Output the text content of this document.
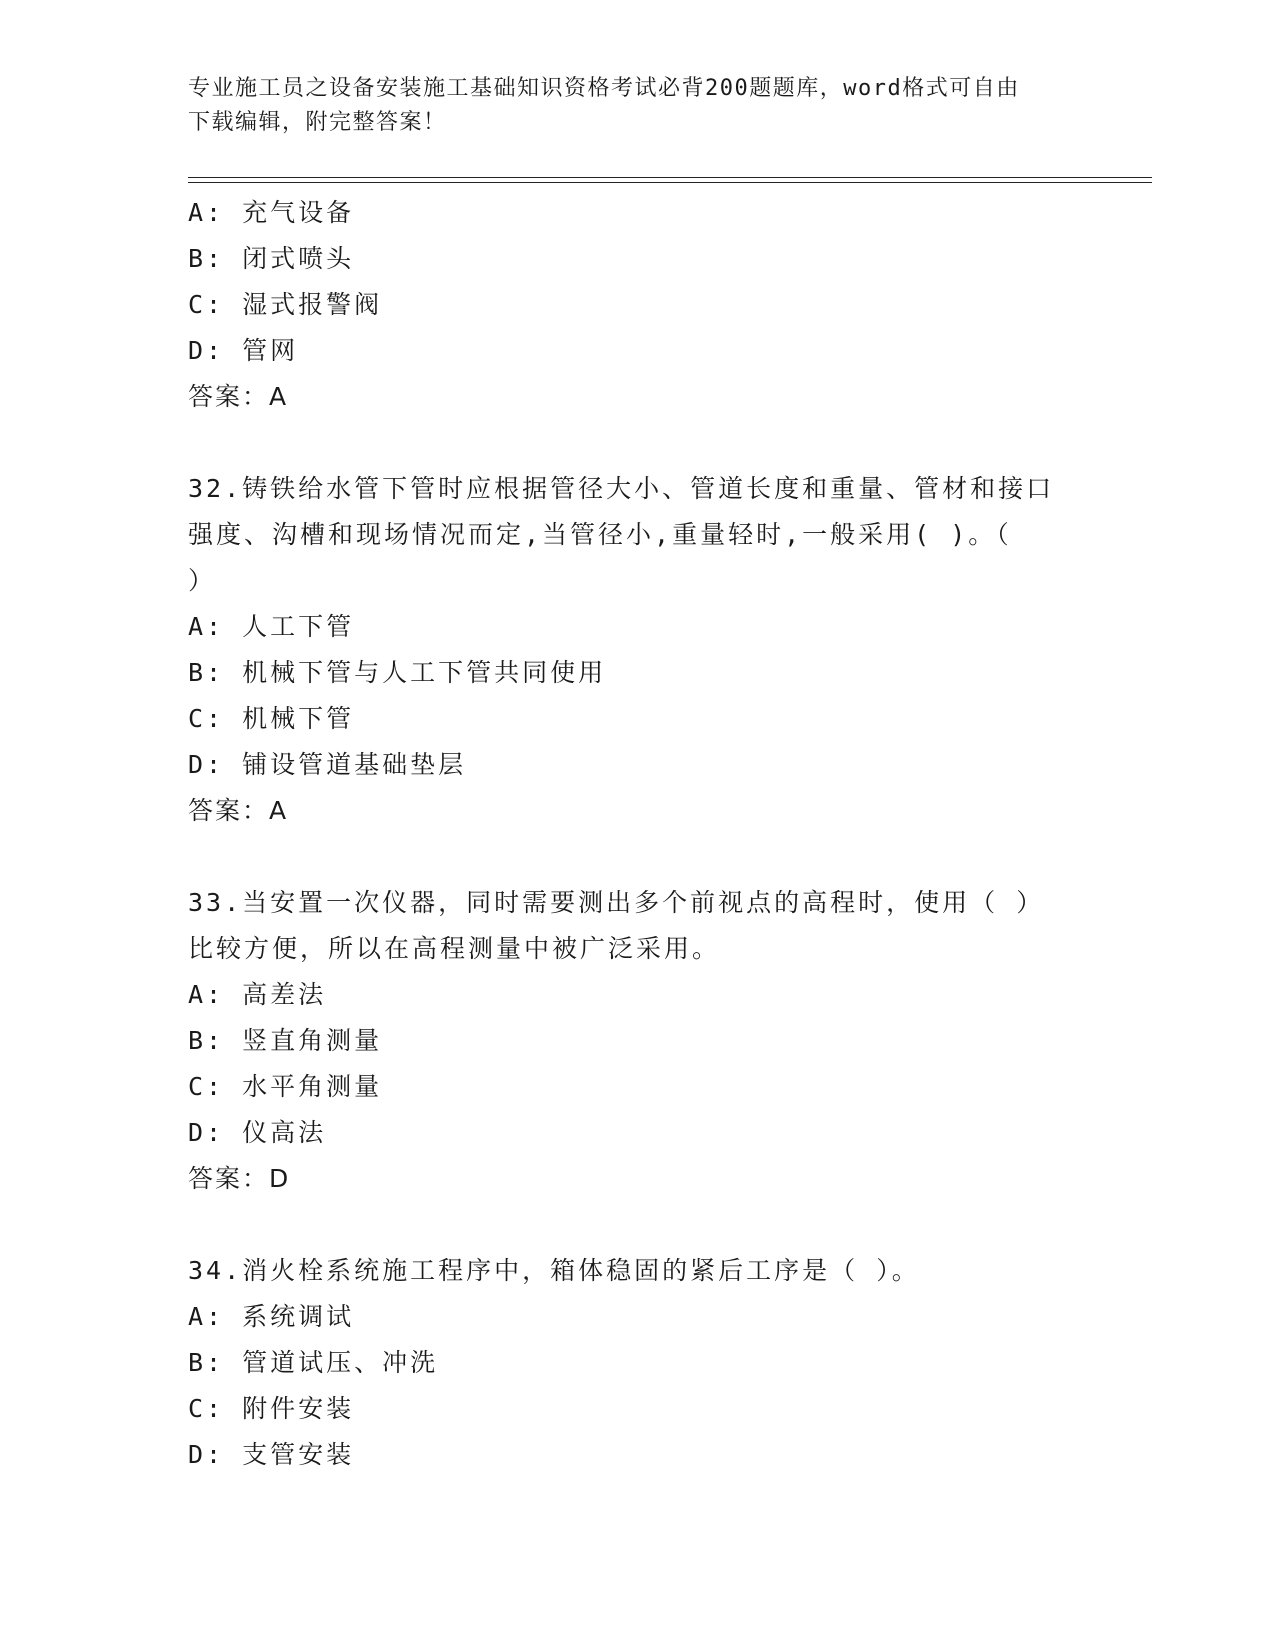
专业施工员之设备安装施工基础知识资格考试必背200题题库，word格式可自由
下载编辑，附完整答案！
A: 充气设备
B: 闭式喷头
C: 湿式报警阀
D: 管网
答案：A
32.铸铁给水管下管时应根据管径大小、管道长度和重量、管材和接口
强度、沟槽和现场情况而定,当管径小,重量轻时,一般采用( )。（
）
A: 人工下管
B: 机械下管与人工下管共同使用
C: 机械下管
D: 铺设管道基础垫层
答案：A
33.当安置一次仪器，同时需要测出多个前视点的高程时，使用（ ）
比较方便，所以在高程测量中被广泛采用。
A: 高差法
B: 竖直角测量
C: 水平角测量
D: 仪高法
答案：D
34.消火栓系统施工程序中，箱体稳固的紧后工序是（ ）。
A: 系统调试
B: 管道试压、冲洗
C: 附件安装
D: 支管安装
